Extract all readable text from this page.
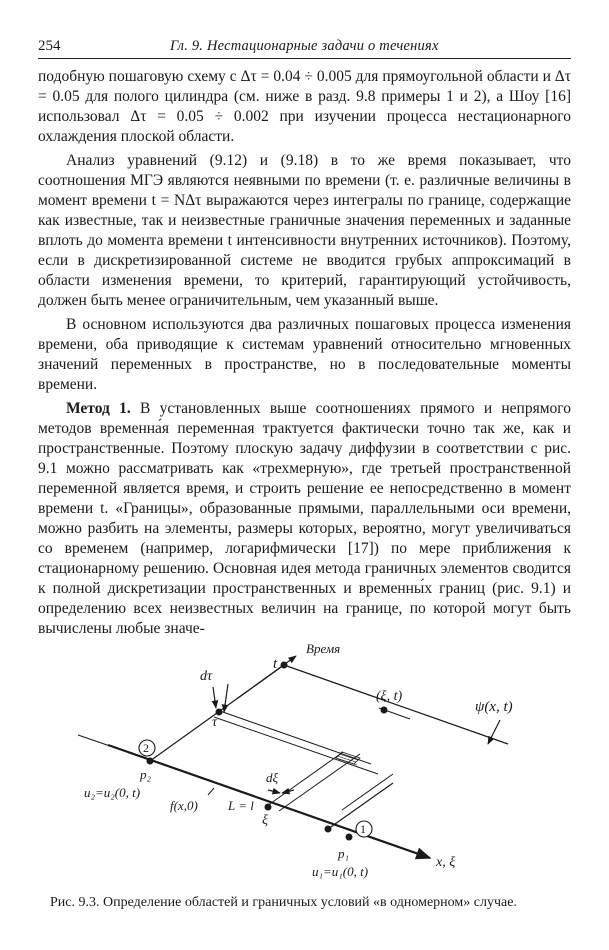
254	Гл. 9. Нестационарные задачи о течениях

подобную пошаговую схему с Δτ = 0.04 ÷ 0.005 для прямоугольной области и Δτ = 0.05 для полого цилиндра (см. ниже в разд. 9.8 примеры 1 и 2), а Шоу [16] использовал Δτ = 0.05 ÷ 0.002 при изучении процесса нестационарного охлаждения плоской области.

Анализ уравнений (9.12) и (9.18) в то же время показывает, что соотношения МГЭ являются неявными по времени (т. е. различные величины в момент времени t = NΔτ выражаются через интегралы по границе, содержащие как известные, так и неизвестные граничные значения переменных и заданные вплоть до момента времени t интенсивности внутренних источников). Поэтому, если в дискретизированной системе не вводится грубых аппроксимаций в области изменения времени, то критерий, гарантирующий устойчивость, должен быть менее ограничительным, чем указанный выше.

В основном используются два различных пошаговых процесса изменения времени, оба приводящие к системам уравнений относительно мгновенных значений переменных в пространстве, но в последовательные моменты времени.

Метод 1. В установленных выше соотношениях прямого и непрямого методов временна́я переменная трактуется фактически точно так же, как и пространственные. Поэтому плоскую задачу диффузии в соответствии с рис. 9.1 можно рассматривать как «трехмерную», где третьей пространственной переменной является время, и строить решение ее непосредственно в момент времени t. «Границы», образованные прямыми, параллельными оси времени, можно разбить на элементы, размеры которых, вероятно, могут увеличиваться со временем (например, логарифмически [17]) по мере приближения к стационарному решению. Основная идея метода граничных элементов сводится к полной дискретизации пространственных и временны́х границ (рис. 9.1) и определению всех неизвестных величин на границе, по которой могут быть вычислены любые значе-

Время
t
dτ
τ
(ξ, t)
ψ(x, t)
2
p₂
u₂=u₂(0, t)
dξ
L = l
f(x,0)
ξ
1
p₁
u₁=u₁(0, t)
x, ξ
Рис. 9.3. Определение областей и граничных условий «в одномерном» случае.
